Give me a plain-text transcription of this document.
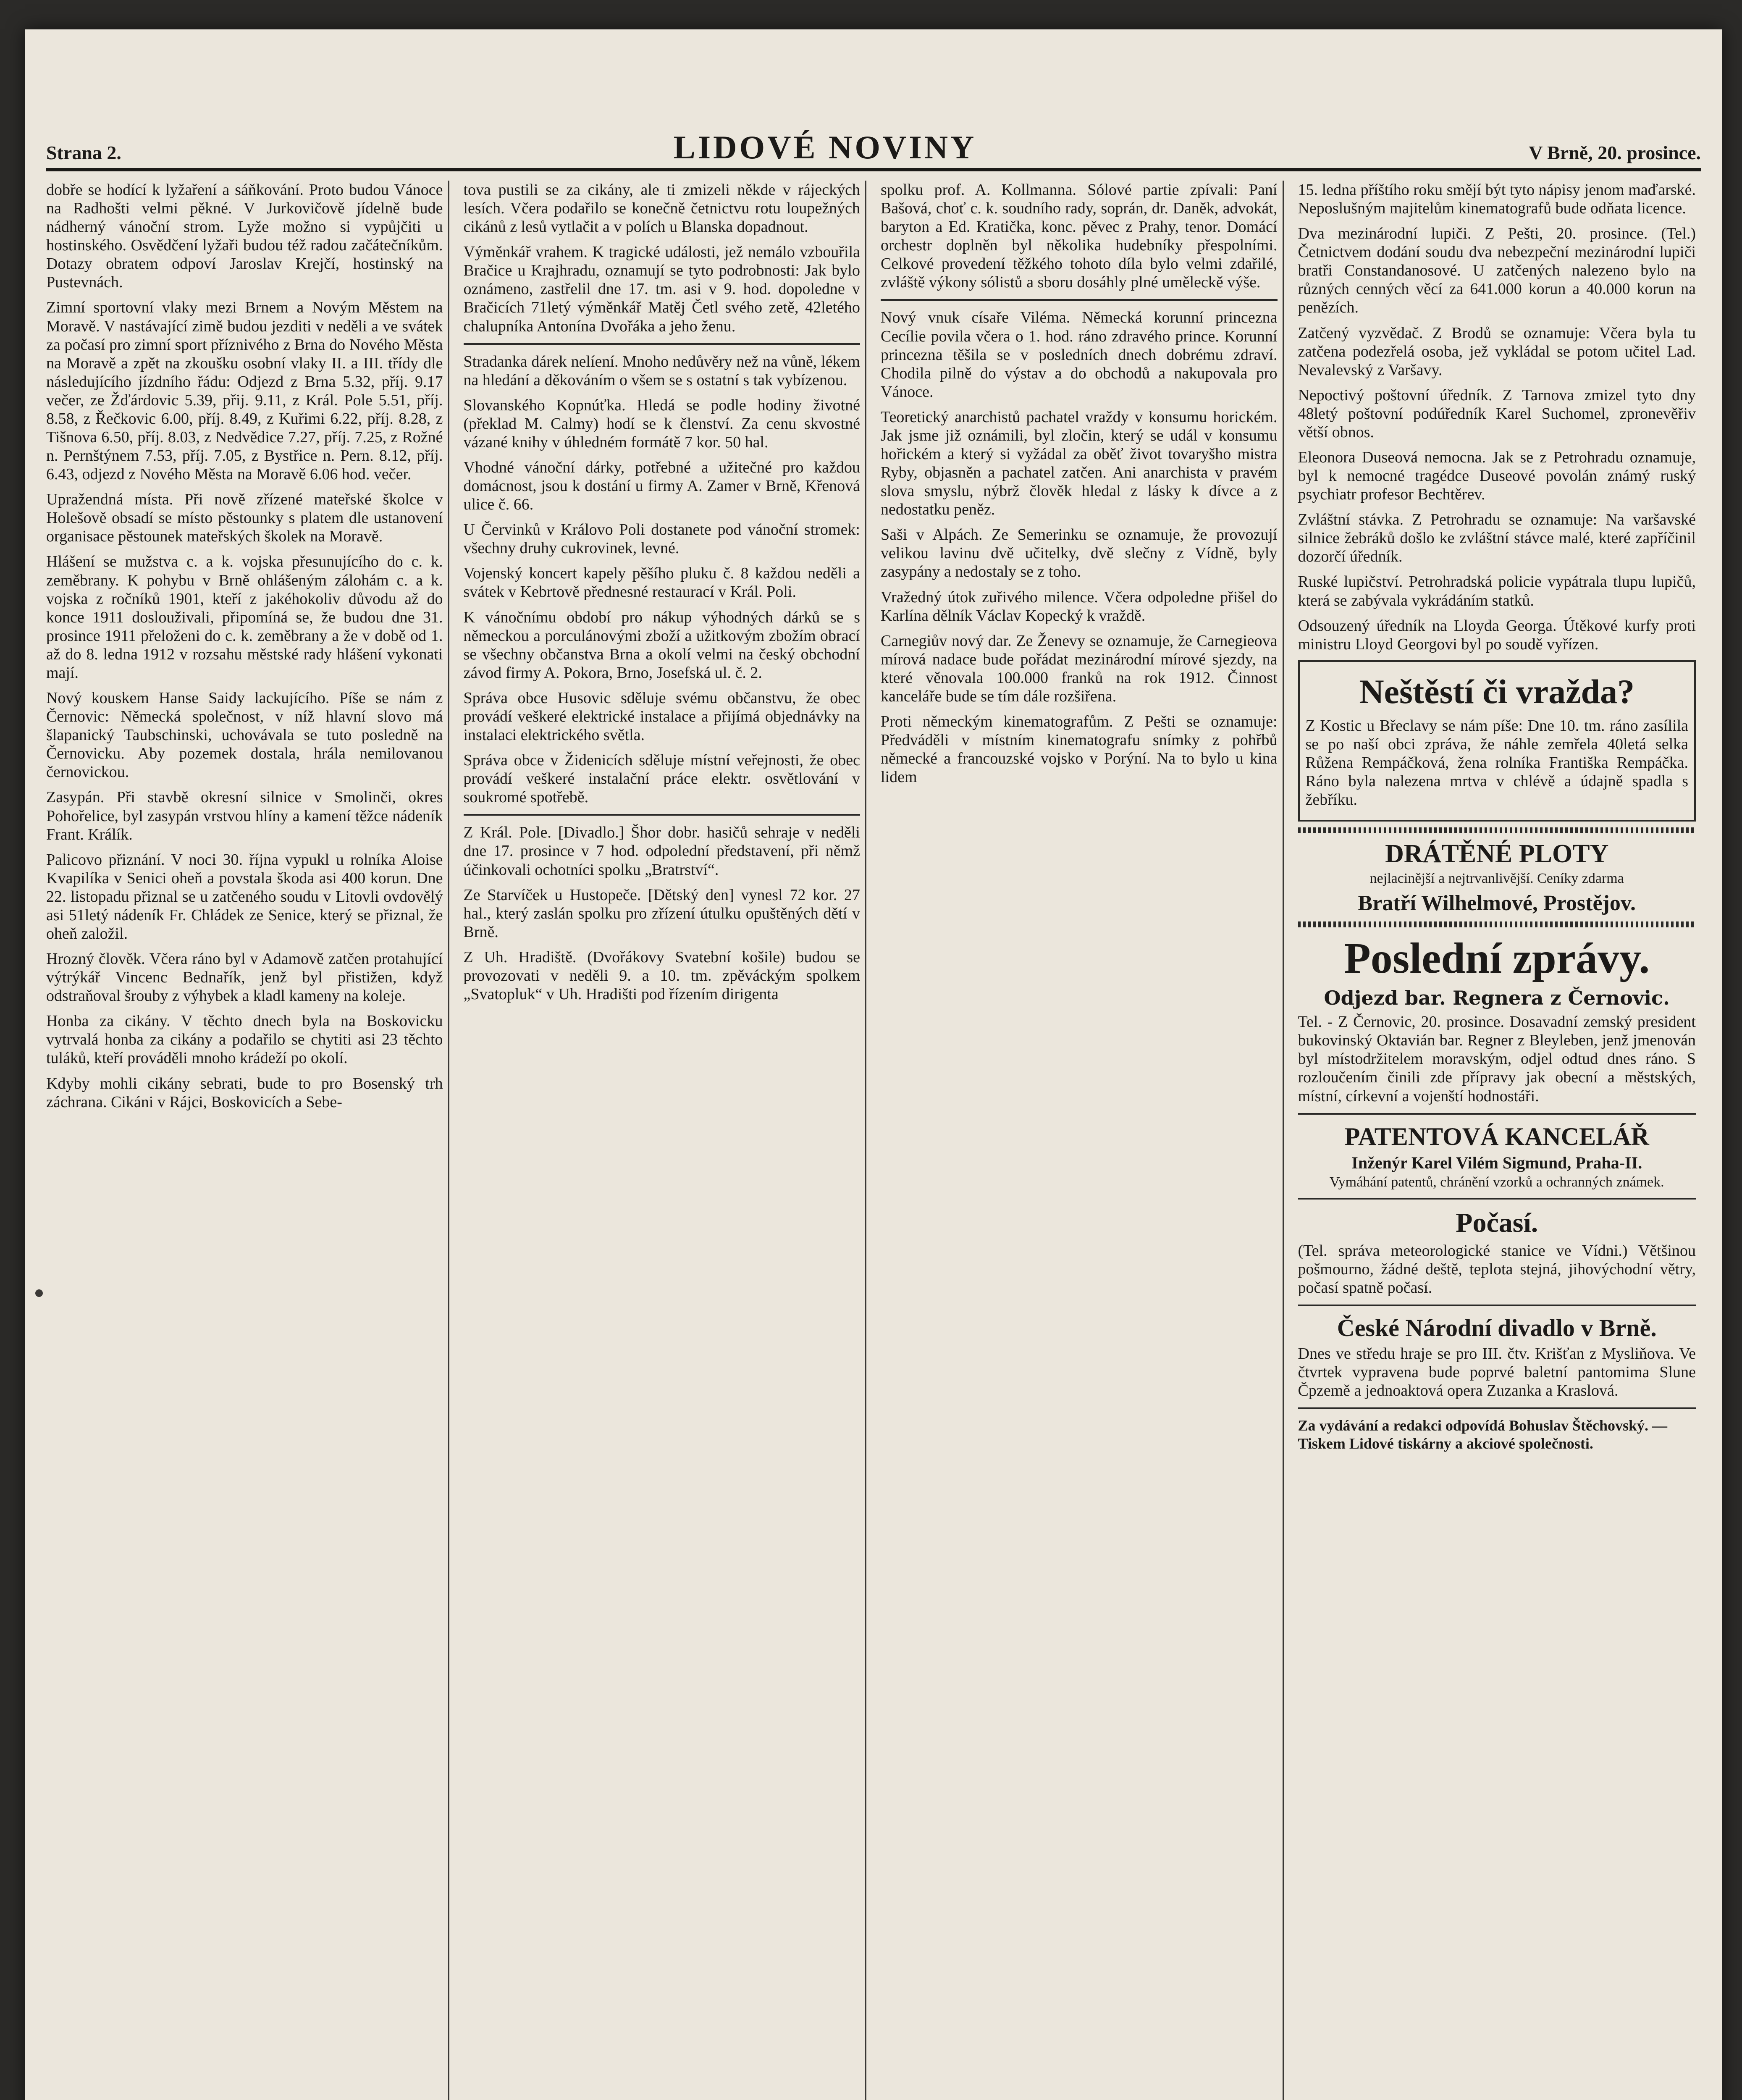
Strana 2.	LIDOVÉ NOVINY	V Brně, 20. prosince.

dobře se hodící k lyžaření a sáňkování. Proto budou Vánoce na Radhošti velmi pěkné. V Jurkovičově jídelně bude nádherný vánoční strom. Lyže možno si vypůjčiti u hostinského. Osvědčení lyžaři budou též radou začátečníkům. Dotazy obratem odpoví Jaroslav Krejčí, hostinský na Pustevnách.

Zimní sportovní vlaky mezi Brnem a Novým Městem na Moravě. V nastávající zimě budou jezditi v neděli a ve svátek za počasí pro zimní sport příznivého z Brna do Nového Města na Moravě a zpět na zkoušku osobní vlaky II. a III. třídy dle následujícího jízdního řádu: Odjezd z Brna 5.32, příj. 9.17 večer, ze Žďárdovic 5.39, přij. 9.11, z Král. Pole 5.51, příj. 8.58, z Řečkovic 6.00, příj. 8.49, z Kuřimi 6.22, příj. 8.28, z Tišnova 6.50, příj. 8.03, z Nedvědice 7.27, příj. 7.25, z Rožné n. Pernštýnem 7.53, příj. 7.05, z Bystřice n. Pern. 8.12, příj. 6.43, odjezd z Nového Města na Moravě 6.06 hod. večer.

Upražendná místa. Při nově zřízené mateřské školce v Holešově obsadí se místo pěstounky s platem dle ustanovení organisace pěstounek mateřských školek na Moravě.

Hlášení se mužstva c. a k. vojska přesunujícího do c. k. zeměbrany. K pohybu v Brně ohlášeným zálohám c. a k. vojska z ročníků 1901, kteří z jakéhokoliv důvodu až do konce 1911 doslouživali, připomíná se, že budou dne 31. prosince 1911 přeloženi do c. k. zeměbrany a že v době od 1. až do 8. ledna 1912 v rozsahu městské rady hlášení vykonati mají.

Nový kouskem Hanse Saidy lackujícího. Píše se nám z Černovic: Německá společnost, v níž hlavní slovo má šlapanický Taubschinski, uchovávala se tuto posledně na Černovicku. Aby pozemek dostala, hrála nemilovanou černovickou.

Zasypán. Při stavbě okresní silnice v Smolinči, okres Pohořelice, byl zasypán vrstvou hlíny a kamení těžce nádeník Frant. Králík.

Palicovo přiznání. V noci 30. října vypukl u rolníka Aloise Kvapilíka v Senici oheň a povstala škoda asi 400 korun. Dne 22. listopadu přiznal se u zatčeného soudu v Litovli ovdovělý asi 51letý nádeník Fr. Chládek ze Senice, který se přiznal, že oheň založil.

Hrozný člověk. Včera ráno byl v Adamově zatčen protahující výtrýkář Vincenc Bednařík, jenž byl přistižen, když odstraňoval šrouby z výhybek a kladl kameny na koleje.

Honba za cikány. V těchto dnech byla na Boskovicku vytrvalá honba za cikány a podařilo se chytiti asi 23 těchto tuláků, kteří prováděli mnoho krádeží po okolí.

Kdyby mohli cikány sebrati, bude to pro Bosenský trh záchrana. Cikáni v Rájci, Boskovicích a Sebe-

tova pustili se za cikány, ale ti zmizeli někde v rájeckých lesích. Včera podařilo se konečně četnictvu rotu loupežných cikánů z lesů vytlačit a v polích u Blanska dopadnout.

Výměnkář vrahem. K tragické události, jež nemálo vzbouřila Bračice u Krajhradu, oznamují se tyto podrobnosti: Jak bylo oznámeno, zastřelil dne 17. tm. asi v 9. hod. dopoledne v Bračicích 71letý výměnkář Matěj Četl svého zetě, 42letého chalupníka Antonína Dvořáka a jeho ženu.

Stradanka dárek nelíení. Mnoho nedůvěry než na vůně, lékem na hledání a děkováním o všem se s ostatní s tak vybízenou.

Slovanského Kopnúťka. Hledá se podle hodiny životné (překlad M. Calmy) hodí se k členství. Za cenu skvostné vázané knihy v úhledném formátě 7 kor. 50 hal.

Vhodné vánoční dárky, potřebné a užitečné pro každou domácnost, jsou k dostání u firmy A. Zamer v Brně, Křenová ulice č. 66.

U Červinků v Královo Poli dostanete pod vánoční stromek: všechny druhy cukrovinek, levné.

Vojenský koncert kapely pěšího pluku č. 8 každou neděli a svátek v Kebrtově přednesné restaurací v Král. Poli.

K vánočnímu období pro nákup výhodných dárků se s německou a porculánovými zboží a užitkovým zbožím obrací se všechny občanstva Brna a okolí velmi na český obchodní závod firmy A. Pokora, Brno, Josefská ul. č. 2.

Správa obce Husovic sděluje svému občanstvu, že obec provádí veškeré elektrické instalace a přijímá objednávky na instalaci elektrického světla.

Správa obce v Židenicích sděluje místní veřejnosti, že obec provádí veškeré instalační práce elektr. osvětlování v soukromé spotřebě.

Z Král. Pole. [Divadlo.] Šhor dobr. hasičů sehraje v neděli dne 17. prosince v 7 hod. odpolední představení, při němž účinkovali ochotníci spolku „Bratrství“.

Ze Starvíček u Hustopeče. [Dětský den] vynesl 72 kor. 27 hal., který zaslán spolku pro zřízení útulku opuštěných dětí v Brně.

Z Uh. Hradiště. (Dvořákovy Svatební košile) budou se provozovati v neděli 9. a 10. tm. zpěváckým spolkem „Svatopluk“ v Uh. Hradišti pod řízením dirigenta

spolku prof. A. Kollmanna. Sólové partie zpívali: Paní Bašová, choť c. k. soudního rady, soprán, dr. Daněk, advokát, baryton a Ed. Kratička, konc. pěvec z Prahy, tenor. Domácí orchestr doplněn byl několika hudebníky přespolními. Celkové provedení těžkého tohoto díla bylo velmi zdařilé, zvláště výkony sólistů a sboru dosáhly plné uměleckě výše.

Nový vnuk císaře Viléma. Německá korunní princezna Cecílie povila včera o 1. hod. ráno zdravého prince. Korunní princezna těšila se v posledních dnech dobrému zdraví. Chodila pilně do výstav a do obchodů a nakupovala pro Vánoce.

Teoretický anarchistů pachatel vraždy v konsumu horickém. Jak jsme již oznámili, byl zločin, který se udál v konsumu hořickém a který si vyžádal za oběť život tovaryšho mistra Ryby, objasněn a pachatel zatčen. Ani anarchista v pravém slova smyslu, nýbrž člověk hledal z lásky k dívce a z nedostatku peněz.

Saši v Alpách. Ze Semerinku se oznamuje, že provozují velikou lavinu dvě učitelky, dvě slečny z Vídně, byly zasypány a nedostaly se z toho.

Vražedný útok zuřivého milence. Včera odpoledne přišel do Karlína dělník Václav Kopecký k vraždě.

Carnegiův nový dar. Ze Ženevy se oznamuje, že Carnegieova mírová nadace bude pořádat mezinárodní mírové sjezdy, na které věnovala 100.000 franků na rok 1912. Činnost kanceláře bude se tím dále rozšiřena.

Proti německým kinematografům. Z Pešti se oznamuje: Předváděli v místním kinematografu snímky z pohřbů německé a francouzské vojsko v Porýní. Na to bylo u kina lidem

15. ledna příštího roku smějí být tyto nápisy jenom maďarské. Neposlušným majitelům kinematografů bude odňata licence.

Dva mezinárodní lupiči. Z Pešti, 20. prosince. (Tel.) Četnictvem dodání soudu dva nebezpeční mezinárodní lupiči bratři Constandanosové. U zatčených nalezeno bylo na různých cenných věcí za 641.000 korun a 40.000 korun na penězích.

Zatčený vyzvědač. Z Brodů se oznamuje: Včera byla tu zatčena podezřelá osoba, jež vykládal se potom učitel Lad. Nevalevský z Varšavy.

Nepoctivý poštovní úředník. Z Tarnova zmizel tyto dny 48letý poštovní podúředník Karel Suchomel, zpronevěřiv větší obnos.

Eleonora Duseová nemocna. Jak se z Petrohradu oznamuje, byl k nemocné tragédce Duseové povolán známý ruský psychiatr profesor Bechtěrev.

Zvláštní stávka. Z Petrohradu se oznamuje: Na varšavské silnice žebráků došlo ke zvláštní stávce malé, které zapříčinil dozorčí úředník.

Ruské lupičství. Petrohradská policie vypátrala tlupu lupičů, která se zabývala vykrádáním statků.

Odsouzený úředník na Lloyda Georga. Útěkové kurfy proti ministru Lloyd Georgovi byl po soudě vyřízen.

Neštěstí či vražda?

Z Kostic u Břeclavy se nám píše: Dne 10. tm. ráno zasílila se po naší obci zpráva, že náhle zemřela 40letá selka Růžena Rempáčková, žena rolníka Františka Rempáčka. Ráno byla nalezena mrtva v chlévě a údajně spadla s žebříku.

DRÁTĚNÉ PLOTY
nejlacinější a nejtrvanlivější. Ceníky zdarma
Bratří Wilhelmové, Prostějov.
Poslední zprávy.
Odjezd bar. Regnera z Černovic.

Tel. - Z Černovic, 20. prosince. Dosavadní zemský president bukovinský Oktavián bar. Regner z Bleyleben, jenž jmenován byl místodržitelem moravským, odjel odtud dnes ráno. S rozloučením činili zde přípravy jak obecní a městských, místní, církevní a vojenští hodnostáři.

PATENTOVÁ KANCELÁŘ
Inženýr Karel Vilém Sigmund, Praha-II.
Vymáhání patentů, chránění vzorků a ochranných známek.
Počasí.

(Tel. správa meteorologické stanice ve Vídni.) Většinou pošmourno, žádné deště, teplota stejná, jihovýchodní větry, počasí spatně počasí.

České Národní divadlo v Brně.

Dnes ve středu hraje se pro III. čtv. Krišťan z Mysliňova. Ve čtvrtek vypravena bude poprvé baletní pantomima Slune Čpzemě a jednoaktová opera Zuzanka a Kraslová.

Za vydávání a redakci odpovídá Bohuslav Štěchovský. — Tiskem Lidové tiskárny a akciové společnosti.
